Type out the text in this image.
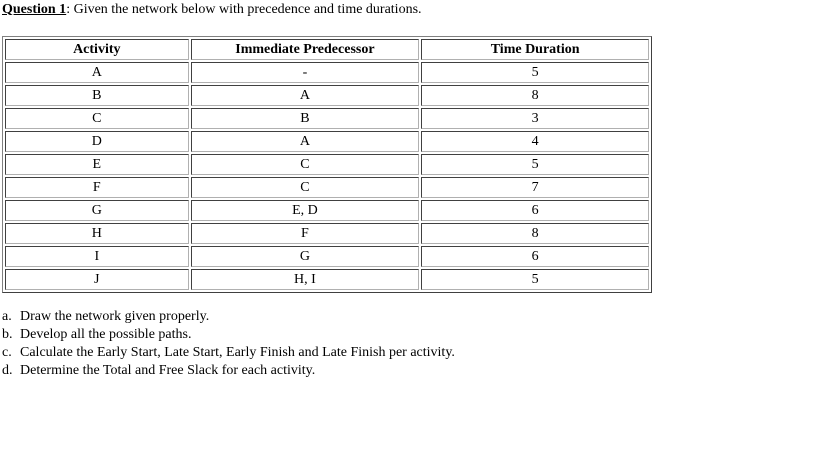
Question 1: Given the network below with precedence and time durations.
Activity	Immediate Predecessor	Time Duration
A	-	5
B	A	8
C	B	3
D	A	4
E	C	5
F	C	7
G	E, D	6
H	F	8
I	G	6
J	H, I	5
a. Draw the network given properly.
b. Develop all the possible paths.
c. Calculate the Early Start, Late Start, Early Finish and Late Finish per activity.
d. Determine the Total and Free Slack for each activity.
